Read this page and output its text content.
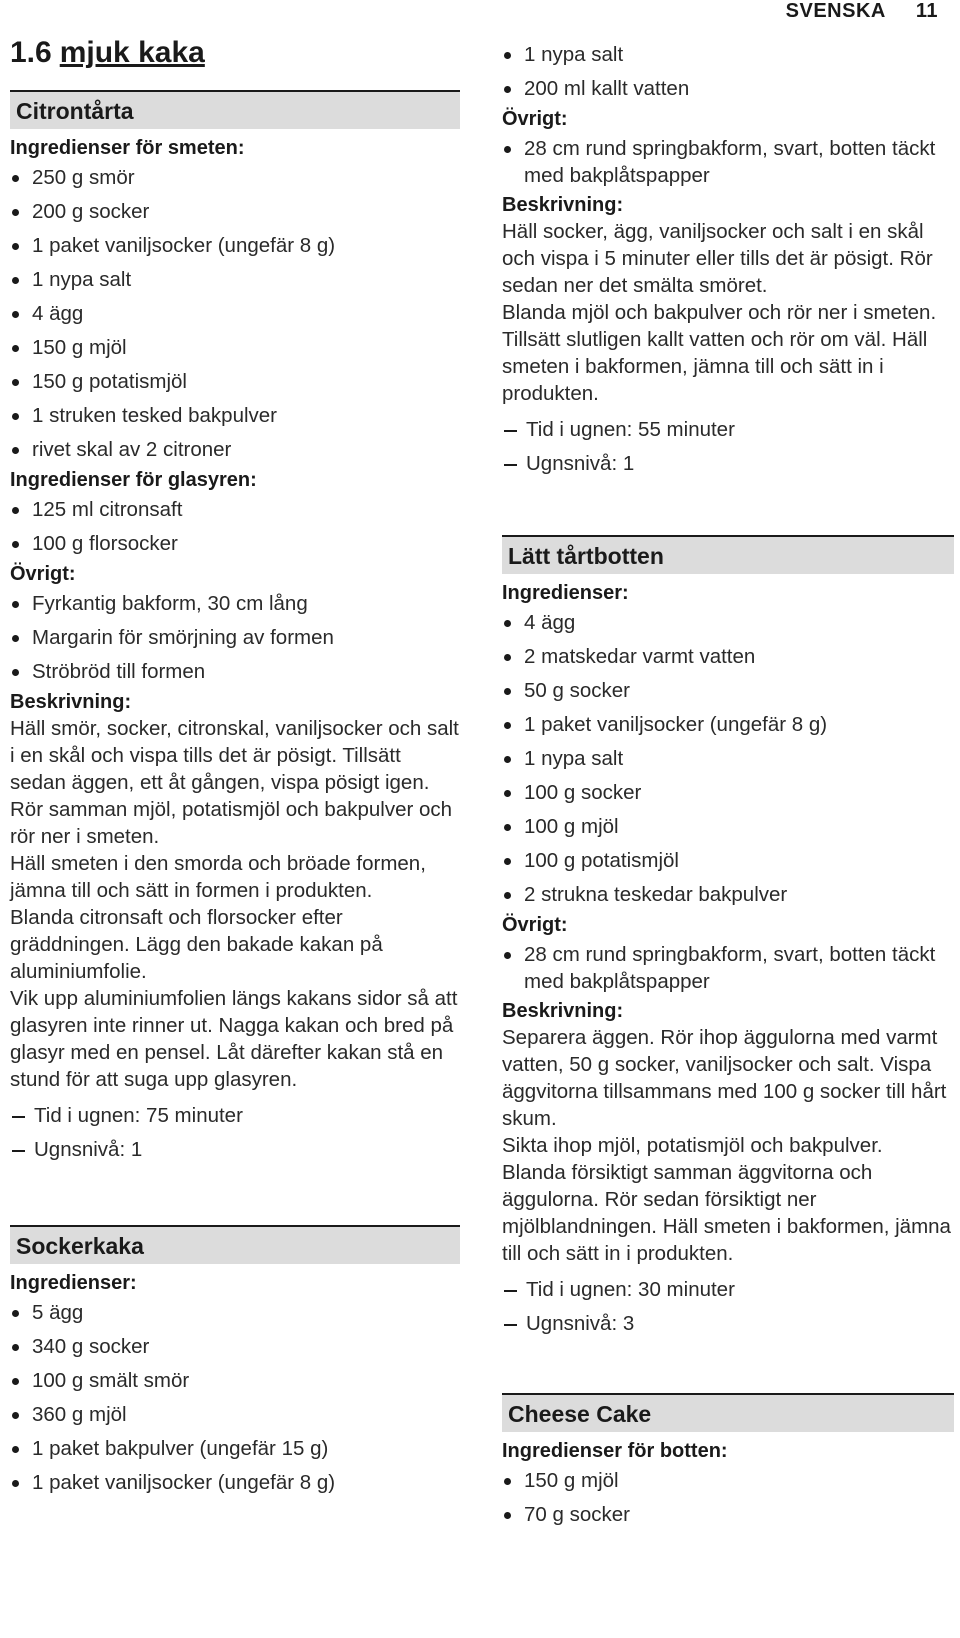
SVENSKA 11
1.6 mjuk kaka
Citrontårta
Ingredienser för smeten:
250 g smör
200 g socker
1 paket vaniljsocker (ungefär 8 g)
1 nypa salt
4 ägg
150 g mjöl
150 g potatismjöl
1 struken tesked bakpulver
rivet skal av 2 citroner
Ingredienser för glasyren:
125 ml citronsaft
100 g florsocker
Övrigt:
Fyrkantig bakform, 30 cm lång
Margarin för smörjning av formen
Ströbröd till formen
Beskrivning:

Häll smör, socker, citronskal, vaniljsocker och salt i en skål och vispa tills det är pösigt. Tillsätt sedan äggen, ett åt gången, vispa pösigt igen.

Rör samman mjöl, potatismjöl och bakpulver och rör ner i smeten.

Häll smeten i den smorda och bröade formen, jämna till och sätt in formen i produkten.

Blanda citronsaft och florsocker efter gräddningen. Lägg den bakade kakan på aluminiumfolie.

Vik upp aluminiumfolien längs kakans sidor så att glasyren inte rinner ut. Nagga kakan och bred på glasyr med en pensel. Låt därefter kakan stå en stund för att suga upp glasyren.

Tid i ugnen: 75 minuter
Ugnsnivå: 1
Sockerkaka
Ingredienser:
5 ägg
340 g socker
100 g smält smör
360 g mjöl
1 paket bakpulver (ungefär 15 g)
1 paket vaniljsocker (ungefär 8 g)
1 nypa salt
200 ml kallt vatten
Övrigt:
28 cm rund springbakform, svart, botten täckt med bakplåtspapper
Beskrivning:

Häll socker, ägg, vaniljsocker och salt i en skål och vispa i 5 minuter eller tills det är pösigt. Rör sedan ner det smälta smöret.

Blanda mjöl och bakpulver och rör ner i smeten.

Tillsätt slutligen kallt vatten och rör om väl. Häll smeten i bakformen, jämna till och sätt in i produkten.

Tid i ugnen: 55 minuter
Ugnsnivå: 1
Lätt tårtbotten
Ingredienser:
4 ägg
2 matskedar varmt vatten
50 g socker
1 paket vaniljsocker (ungefär 8 g)
1 nypa salt
100 g socker
100 g mjöl
100 g potatismjöl
2 strukna teskedar bakpulver
Övrigt:
28 cm rund springbakform, svart, botten täckt med bakplåtspapper
Beskrivning:

Separera äggen. Rör ihop äggulorna med varmt vatten, 50 g socker, vaniljsocker och salt. Vispa äggvitorna tillsammans med 100 g socker till hårt skum.

Sikta ihop mjöl, potatismjöl och bakpulver.

Blanda försiktigt samman äggvitorna och äggulorna. Rör sedan försiktigt ner mjölblandningen. Häll smeten i bakformen, jämna till och sätt in i produkten.

Tid i ugnen: 30 minuter
Ugnsnivå: 3
Cheese Cake
Ingredienser för botten:
150 g mjöl
70 g socker
